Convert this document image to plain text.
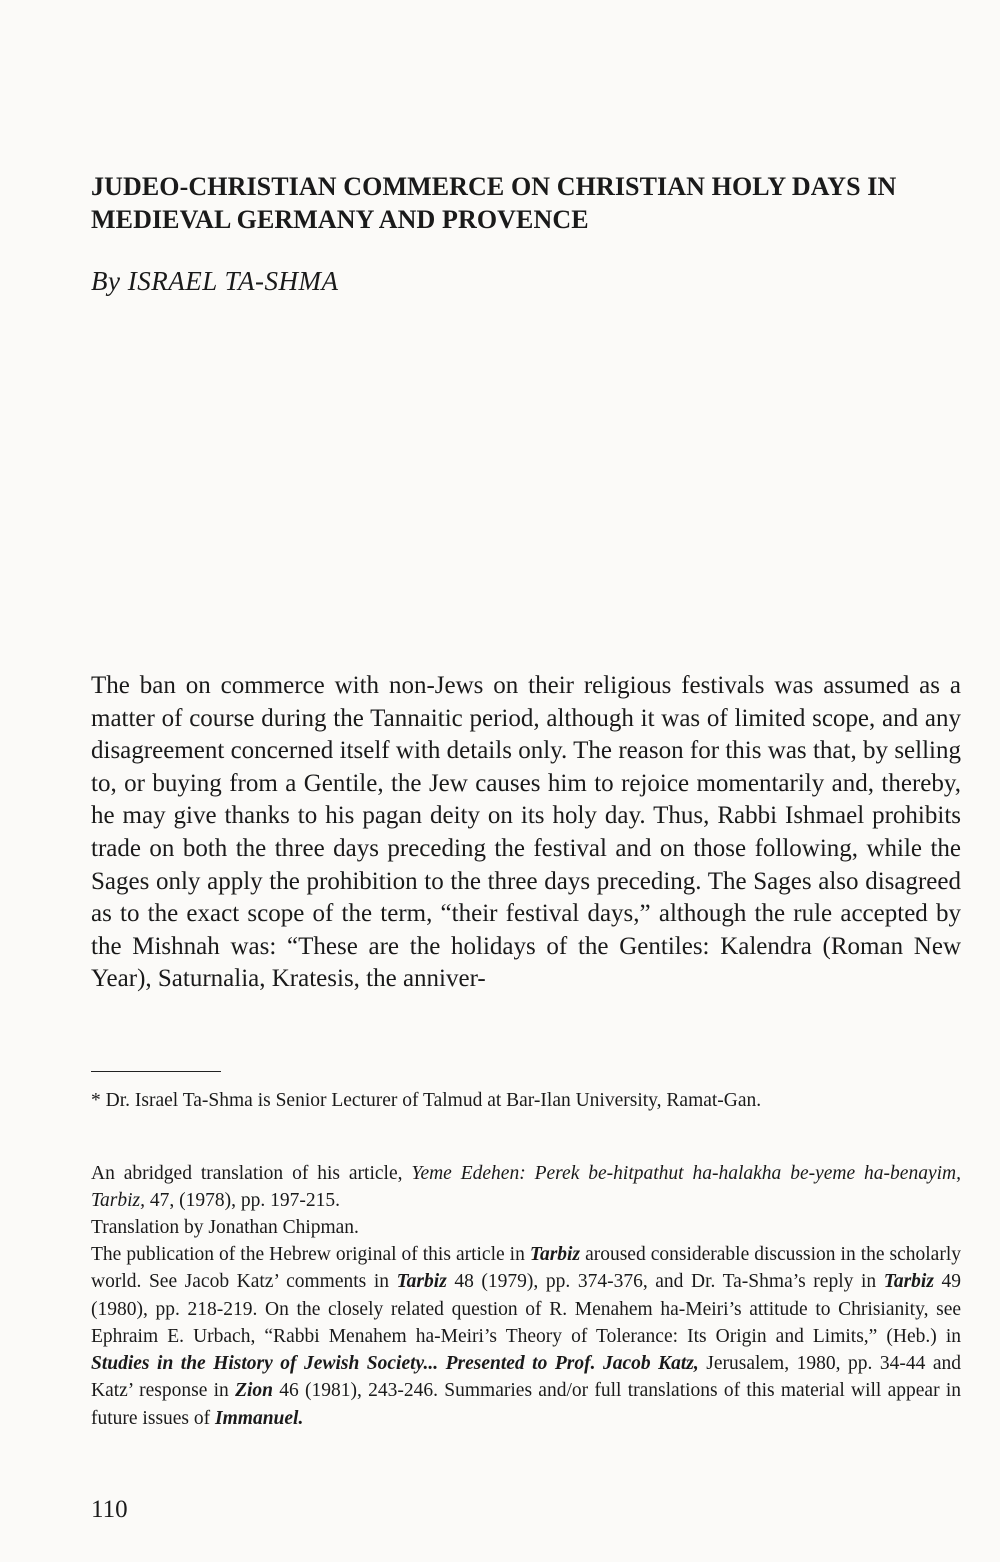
JUDEO-CHRISTIAN COMMERCE ON CHRISTIAN HOLY DAYS IN MEDIEVAL GERMANY AND PROVENCE
By ISRAEL TA-SHMA
The ban on commerce with non-Jews on their religious festivals was assumed as a matter of course during the Tannaitic period, although it was of limited scope, and any disagreement concerned itself with details only. The reason for this was that, by selling to, or buying from a Gentile, the Jew causes him to rejoice momentarily and, thereby, he may give thanks to his pagan deity on its holy day. Thus, Rabbi Ishmael prohibits trade on both the three days preceding the festival and on those following, while the Sages only apply the prohibition to the three days preceding. The Sages also disagreed as to the exact scope of the term, “their festival days,” although the rule accepted by the Mishnah was: “These are the holidays of the Gentiles: Kalendra (Roman New Year), Saturnalia, Kratesis, the anniver-
* Dr. Israel Ta-Shma is Senior Lecturer of Talmud at Bar-Ilan University, Ramat-Gan.
An abridged translation of his article, Yeme Edehen: Perek be-hitpathut ha-halakha be-yeme ha-benayim, Tarbiz, 47, (1978), pp. 197-215.
Translation by Jonathan Chipman.
The publication of the Hebrew original of this article in Tarbiz aroused considerable discussion in the scholarly world. See Jacob Katz’ comments in Tarbiz 48 (1979), pp. 374-376, and Dr. Ta-Shma’s reply in Tarbiz 49 (1980), pp. 218-219. On the closely related question of R. Menahem ha-Meiri’s attitude to Chrisianity, see Ephraim E. Urbach, “Rabbi Menahem ha-Meiri’s Theory of Tolerance: Its Origin and Limits,” (Heb.) in Studies in the History of Jewish Society... Presented to Prof. Jacob Katz, Jerusalem, 1980, pp. 34-44 and Katz’ response in Zion 46 (1981), 243-246. Summaries and/or full translations of this material will appear in future issues of Immanuel.
110
